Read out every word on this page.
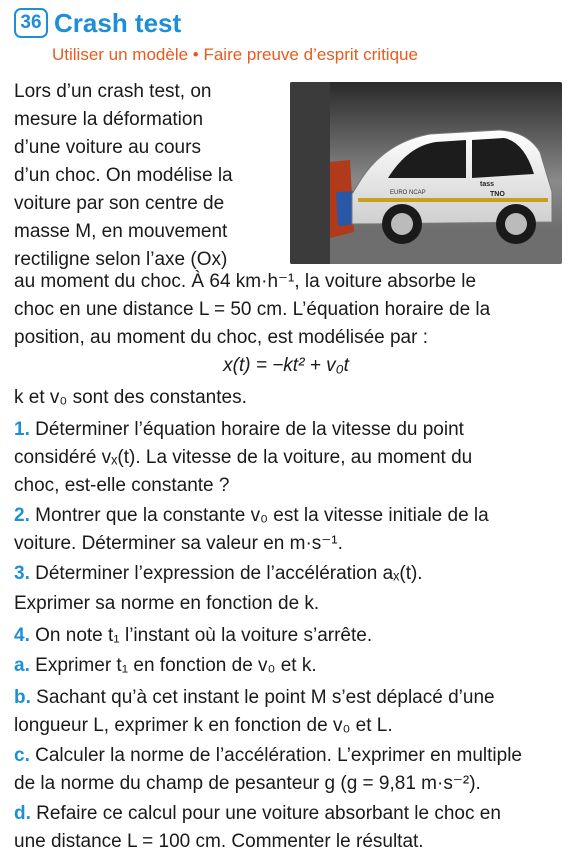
36 Crash test
Utiliser un modèle • Faire preuve d’esprit critique
Lors d’un crash test, on
mesure la déformation
d’une voiture au cours
d’un choc. On modélise la
voiture par son centre de
masse M, en mouvement
rectiligne selon l’axe (Ox)
EURO NCAP
tass
TNO
au moment du choc. À 64 km·h⁻¹, la voiture absorbe le
choc en une distance L = 50 cm. L’équation horaire de la
position, au moment du choc, est modélisée par :
x(t) = −kt² + v₀t
k et v₀ sont des constantes.
1. Déterminer l’équation horaire de la vitesse du point
considéré vₓ(t). La vitesse de la voiture, au moment du
choc, est-elle constante ?
2. Montrer que la constante v₀ est la vitesse initiale de la
voiture. Déterminer sa valeur en m·s⁻¹.
3. Déterminer l’expression de l’accélération aₓ(t).
Exprimer sa norme en fonction de k.
4. On note t₁ l’instant où la voiture s’arrête.
a. Exprimer t₁ en fonction de v₀ et k.
b. Sachant qu’à cet instant le point M s’est déplacé d’une
longueur L, exprimer k en fonction de v₀ et L.
c. Calculer la norme de l’accélération. L’exprimer en multiple
de la norme du champ de pesanteur g (g = 9,81 m·s⁻²).
d. Refaire ce calcul pour une voiture absorbant le choc en
une distance L = 100 cm. Commenter le résultat.
